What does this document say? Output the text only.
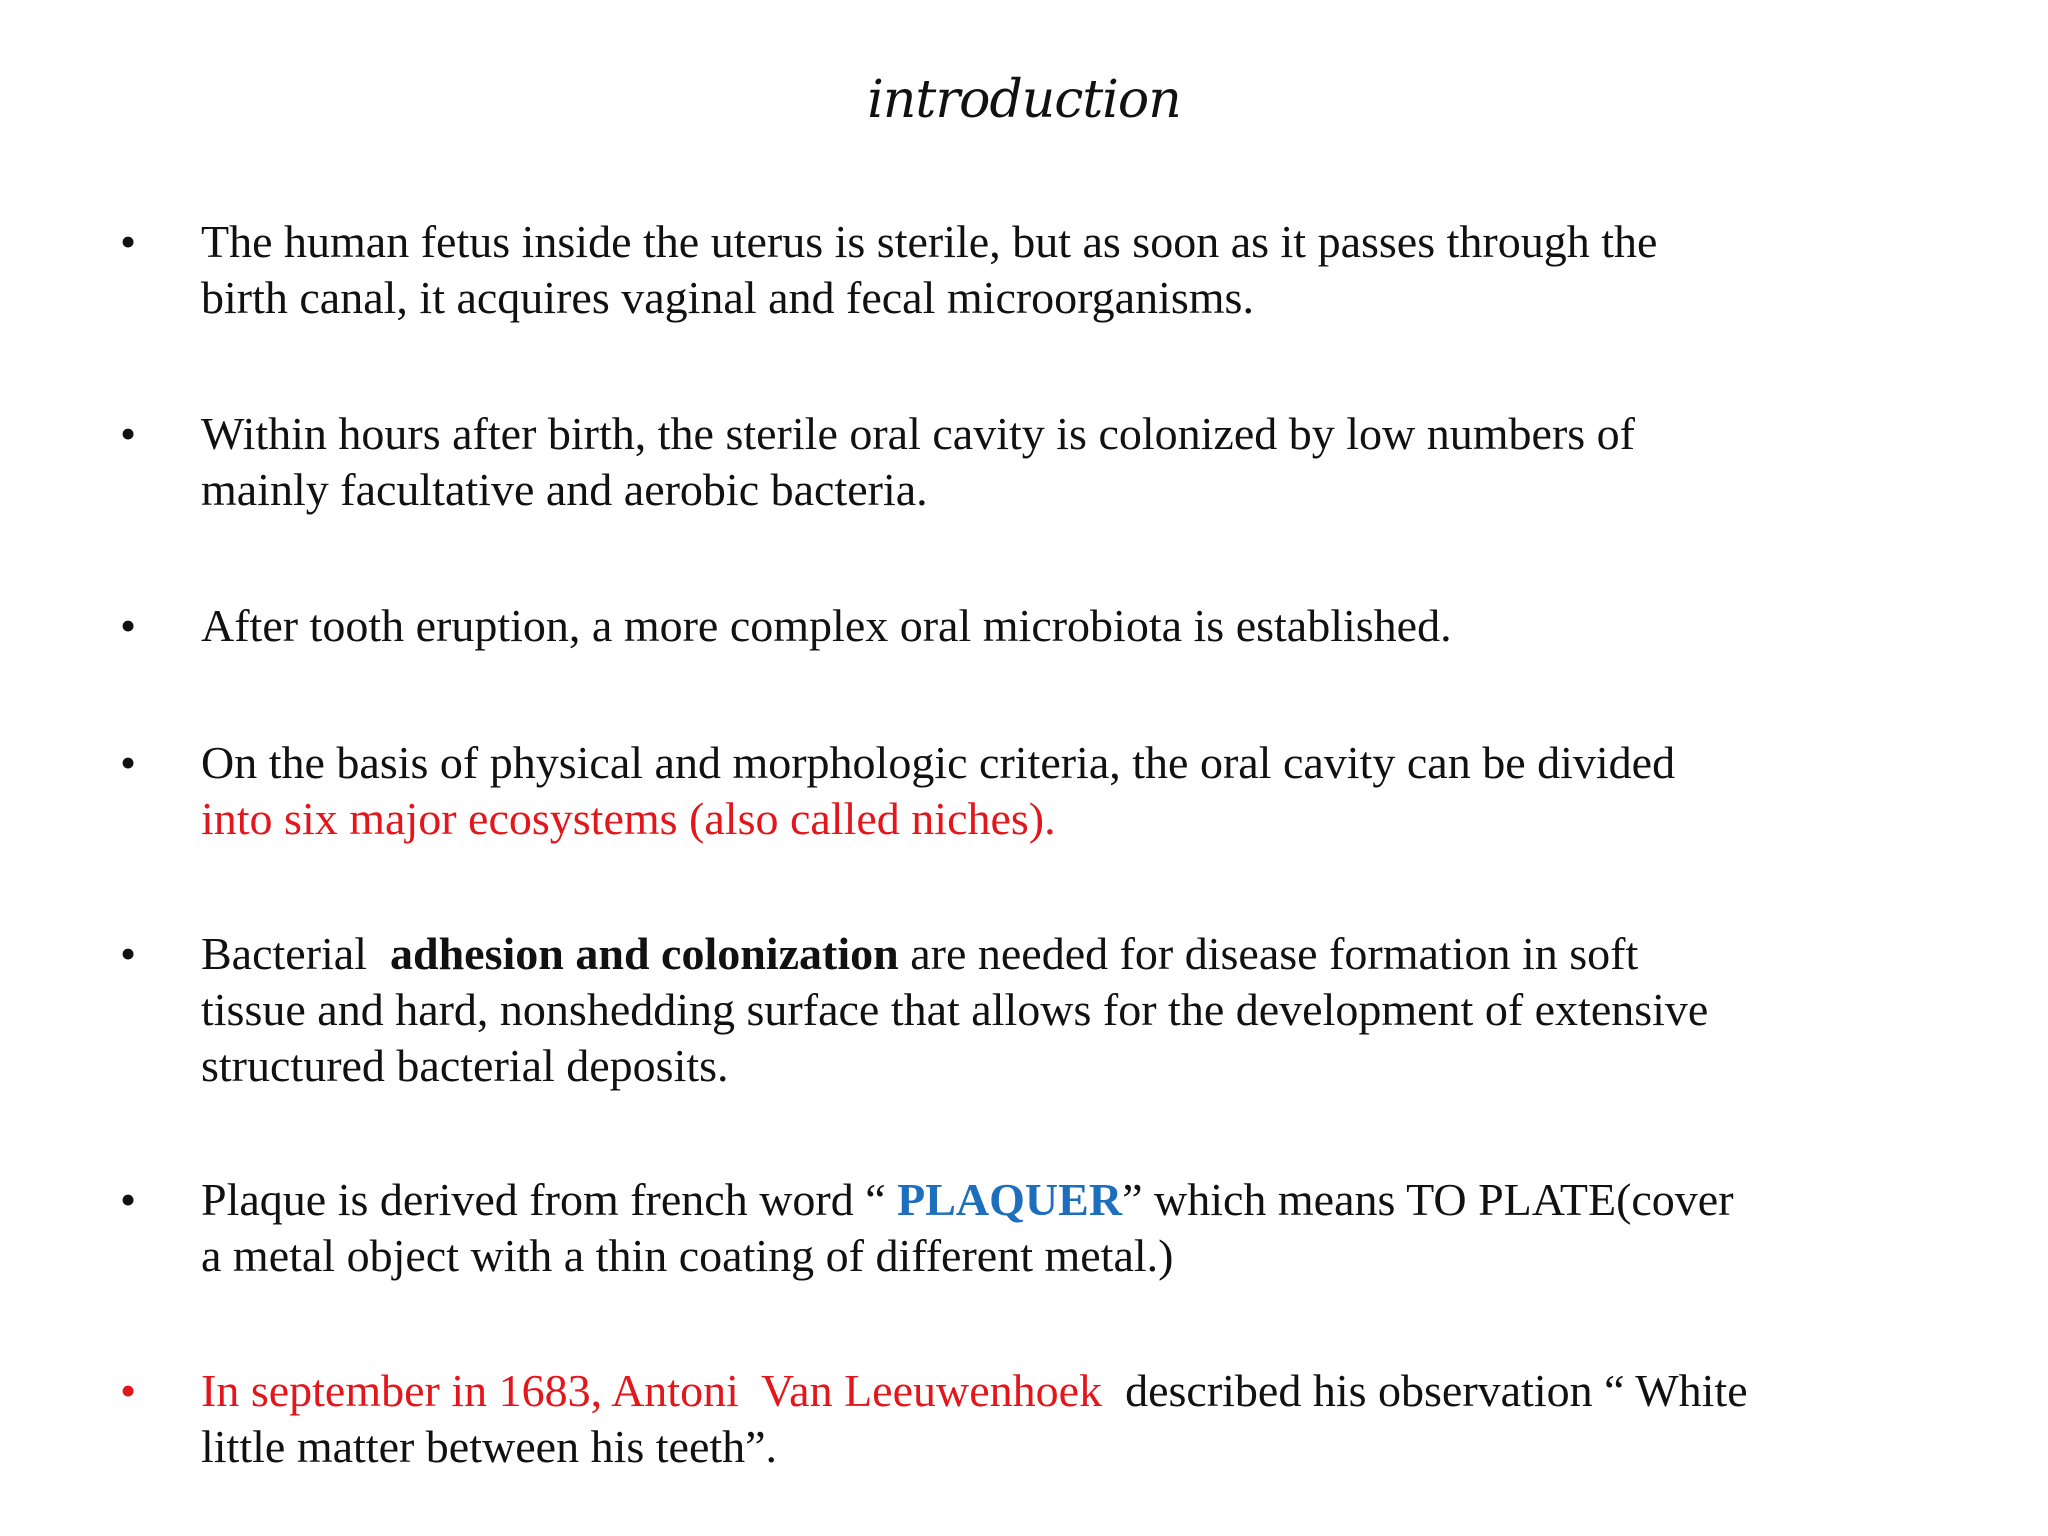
introduction
• The human fetus inside the uterus is sterile, but as soon as it passes through the
birth canal, it acquires vaginal and fecal microorganisms.
• Within hours after birth, the sterile oral cavity is colonized by low numbers of
mainly facultative and aerobic bacteria.
• After tooth eruption, a more complex oral microbiota is established.
• On the basis of physical and morphologic criteria, the oral cavity can be divided
into six major ecosystems (also called niches).
• Bacterial  adhesion and colonization are needed for disease formation in soft
tissue and hard, nonshedding surface that allows for the development of extensive
structured bacterial deposits.
• Plaque is derived from french word “ PLAQUER” which means TO PLATE(cover
a metal object with a thin coating of different metal.)
• In september in 1683, Antoni  Van Leeuwenhoek  described his observation “ White
little matter between his teeth”.
